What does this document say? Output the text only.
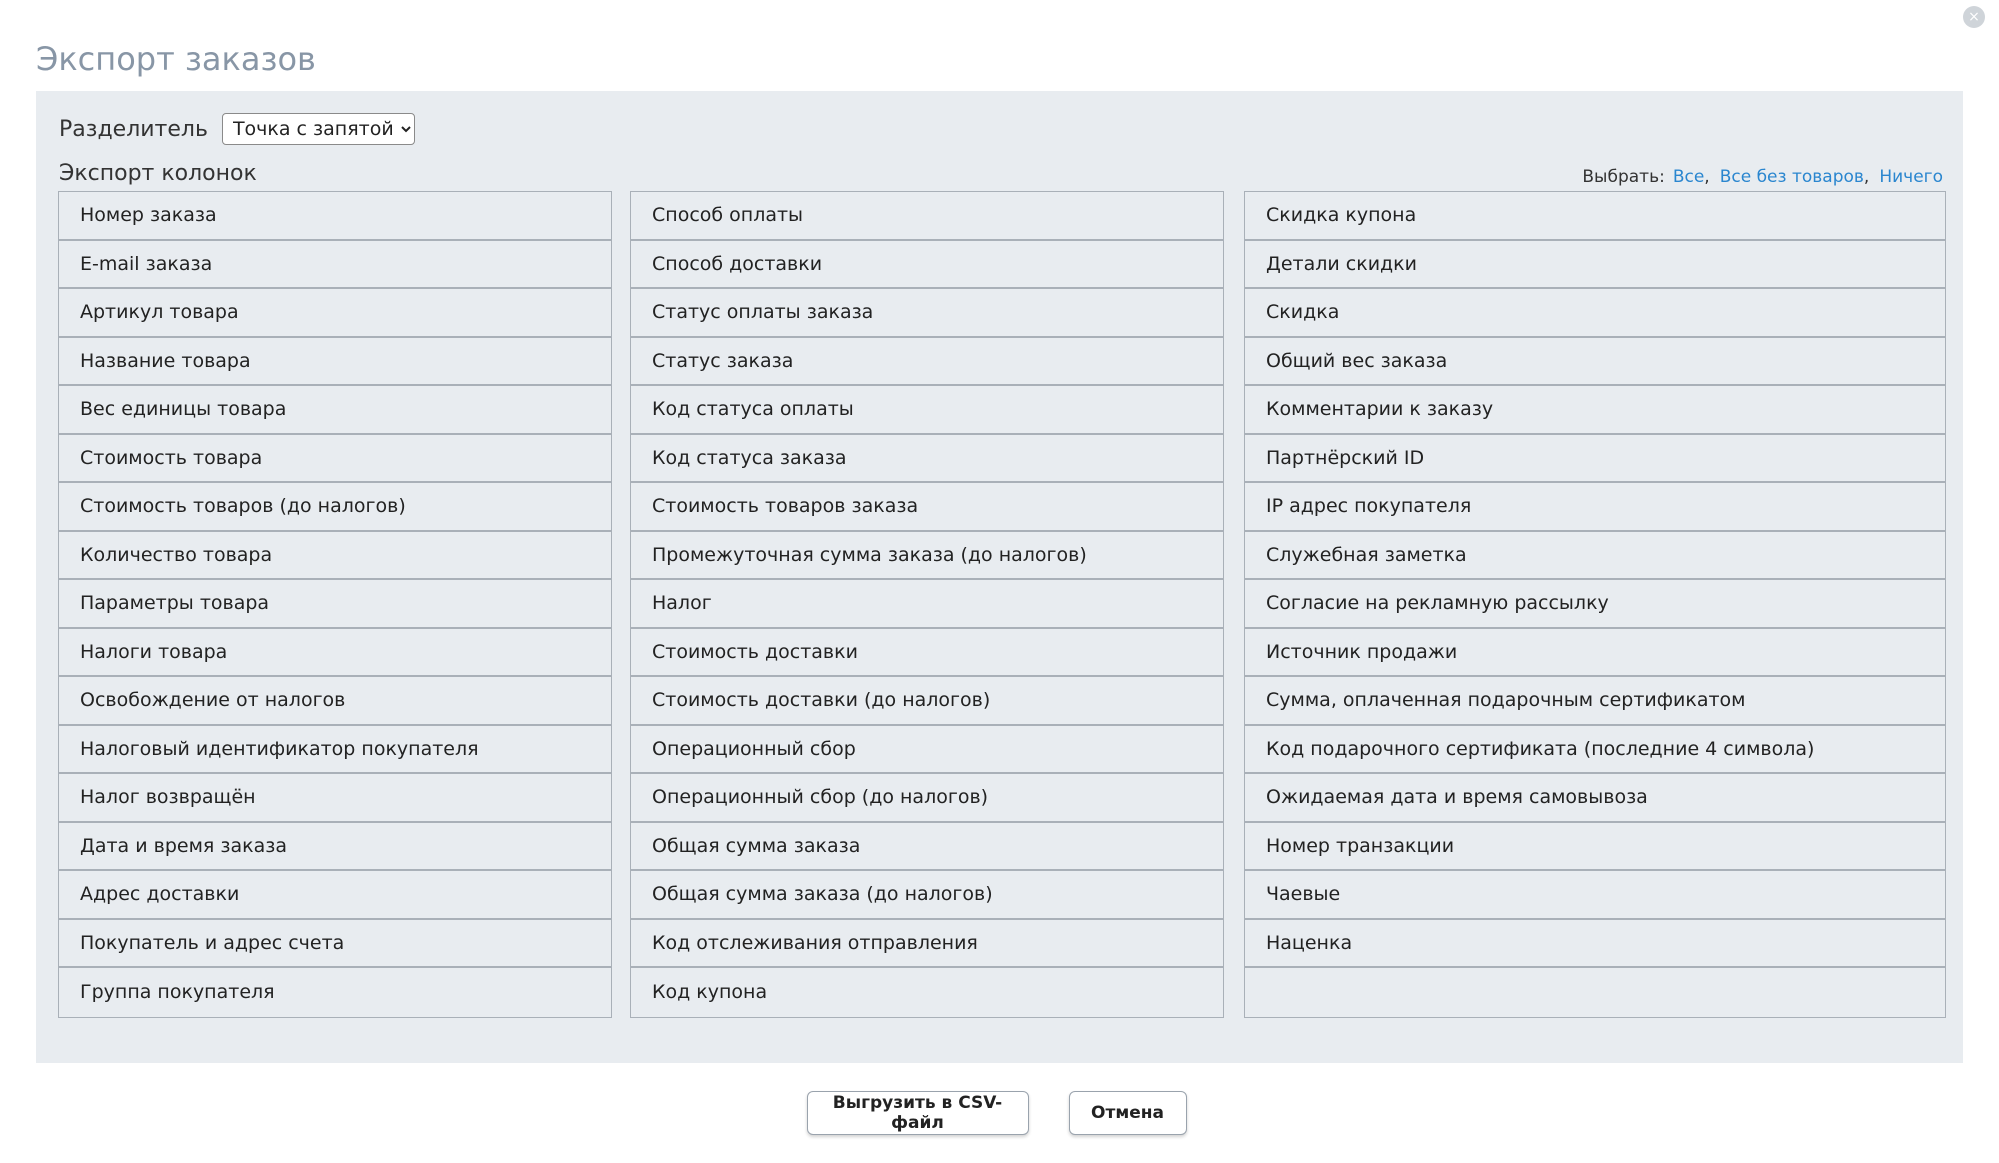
×
Экспорт заказов
Разделитель
Точка с запятой
Экспорт колонок	Выбрать: Все , Все без товаров , Ничего
Номер заказа
E-mail заказа
Артикул товара
Название товара
Вес единицы товара
Стоимость товара
Стоимость товаров (до налогов)
Количество товара
Параметры товара
Налоги товара
Освобождение от налогов
Налоговый идентификатор покупателя
Налог возвращён
Дата и время заказа
Адрес доставки
Покупатель и адрес счета
Группа покупателя
Способ оплаты
Способ доставки
Статус оплаты заказа
Статус заказа
Код статуса оплаты
Код статуса заказа
Стоимость товаров заказа
Промежуточная сумма заказа (до налогов)
Налог
Стоимость доставки
Стоимость доставки (до налогов)
Операционный сбор
Операционный сбор (до налогов)
Общая сумма заказа
Общая сумма заказа (до налогов)
Код отслеживания отправления
Код купона
Скидка купона
Детали скидки
Скидка
Общий вес заказа
Комментарии к заказу
Партнёрский ID
IP адрес покупателя
Служебная заметка
Согласие на рекламную рассылку
Источник продажи
Сумма, оплаченная подарочным сертификатом
Код подарочного сертификата (последние 4 символа)
Ожидаемая дата и время самовывоза
Номер транзакции
Чаевые
Наценка
Выгрузить в CSV-файл	Отмена
